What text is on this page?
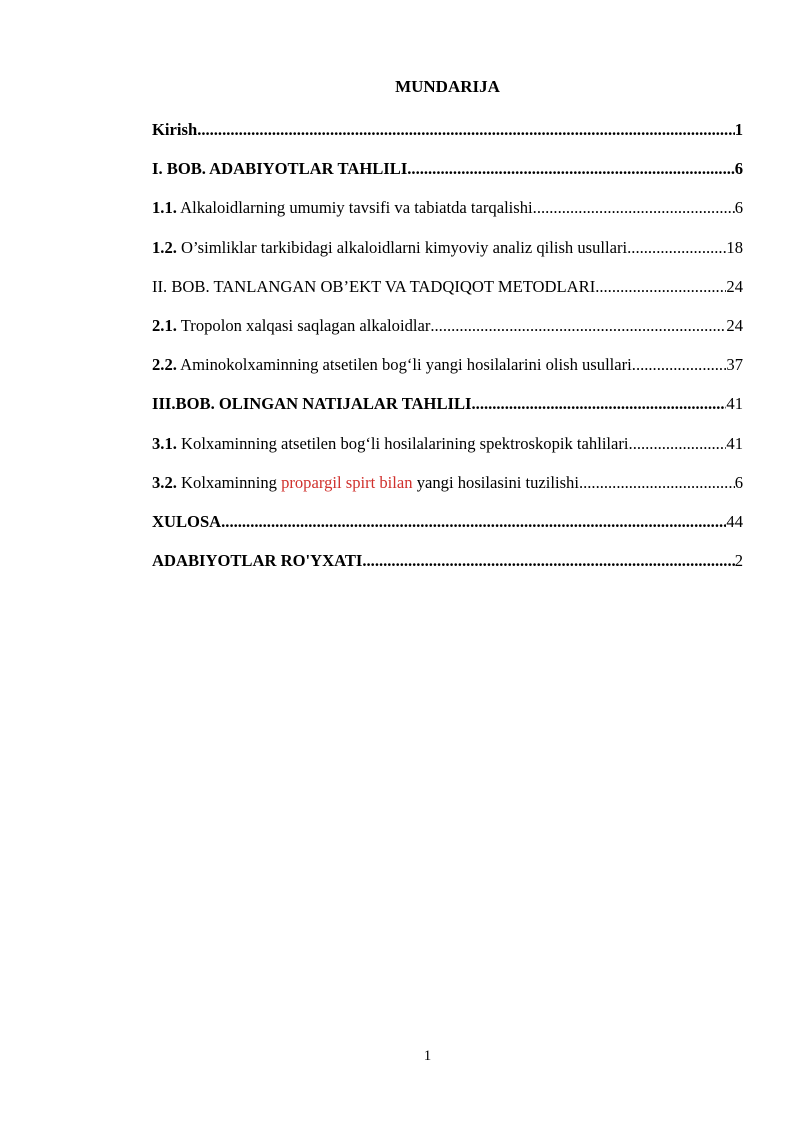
MUNDARIJA
Kirish .....	1
I. BOB. ADABIYOTLAR TAHLILI .....	6
1.1. Alkaloidlarning umumiy tavsifi va tabiatda tarqalishi .....	6
1.2. O’simliklar tarkibidagi alkaloidlarni kimyoviy analiz qilish usullari .....	18
II. BOB. TANLANGAN OB’EKT VA TADQIQOT METODLARI .....	24
2.1. Tropolon xalqasi saqlagan alkaloidlar .....	24
2.2. Aminokolxaminning atsetilen bog‘li yangi hosilalarini olish usullari .....	37
III.BOB. OLINGAN NATIJALAR TAHLILI .....	41
3.1. Kolxaminning atsetilen bog‘li hosilalarining spektroskopik tahlilari .....	41
3.2. Kolxaminning propargil spirt bilan yangi hosilasini tuzilishi .....	6
XULOSA .....	44
ADABIYOTLAR RO'YXATI .....	2
1
